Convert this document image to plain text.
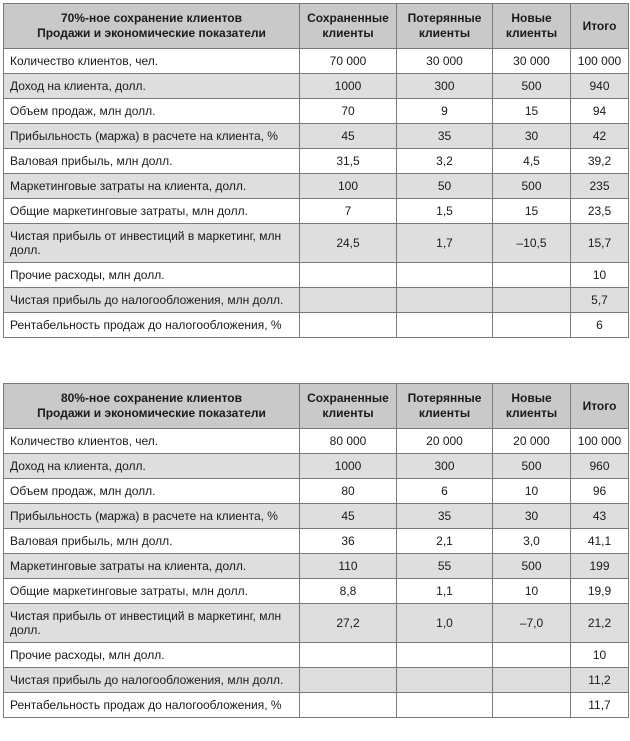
70%-ное сохранение клиентов
Продажи и экономические показатели	Сохраненные клиенты	Потерянные клиенты	Новые клиенты	Итого
Количество клиентов, чел.	70 000	30 000	30 000	100 000
Доход на клиента, долл.	1000	300	500	940
Объем продаж, млн долл.	70	9	15	94
Прибыльность (маржа) в расчете на клиента, %	45	35	30	42
Валовая прибыль, млн долл.	31,5	3,2	4,5	39,2
Маркетинговые затраты на клиента, долл.	100	50	500	235
Общие маркетинговые затраты, млн долл.	7	1,5	15	23,5
Чистая прибыль от инвестиций в маркетинг, млн долл.	24,5	1,7	–10,5	15,7
Прочие расходы, млн долл.				10
Чистая прибыль до налогообложения, млн долл.				5,7
Рентабельность продаж до налогообложения, %				6
80%-ное сохранение клиентов
Продажи и экономические показатели	Сохраненные клиенты	Потерянные клиенты	Новые клиенты	Итого
Количество клиентов, чел.	80 000	20 000	20 000	100 000
Доход на клиента, долл.	1000	300	500	960
Объем продаж, млн долл.	80	6	10	96
Прибыльность (маржа) в расчете на клиента, %	45	35	30	43
Валовая прибыль, млн долл.	36	2,1	3,0	41,1
Маркетинговые затраты на клиента, долл.	110	55	500	199
Общие маркетинговые затраты, млн долл.	8,8	1,1	10	19,9
Чистая прибыль от инвестиций в маркетинг, млн долл.	27,2	1,0	–7,0	21,2
Прочие расходы, млн долл.				10
Чистая прибыль до налогообложения, млн долл.				11,2
Рентабельность продаж до налогообложения, %				11,7
